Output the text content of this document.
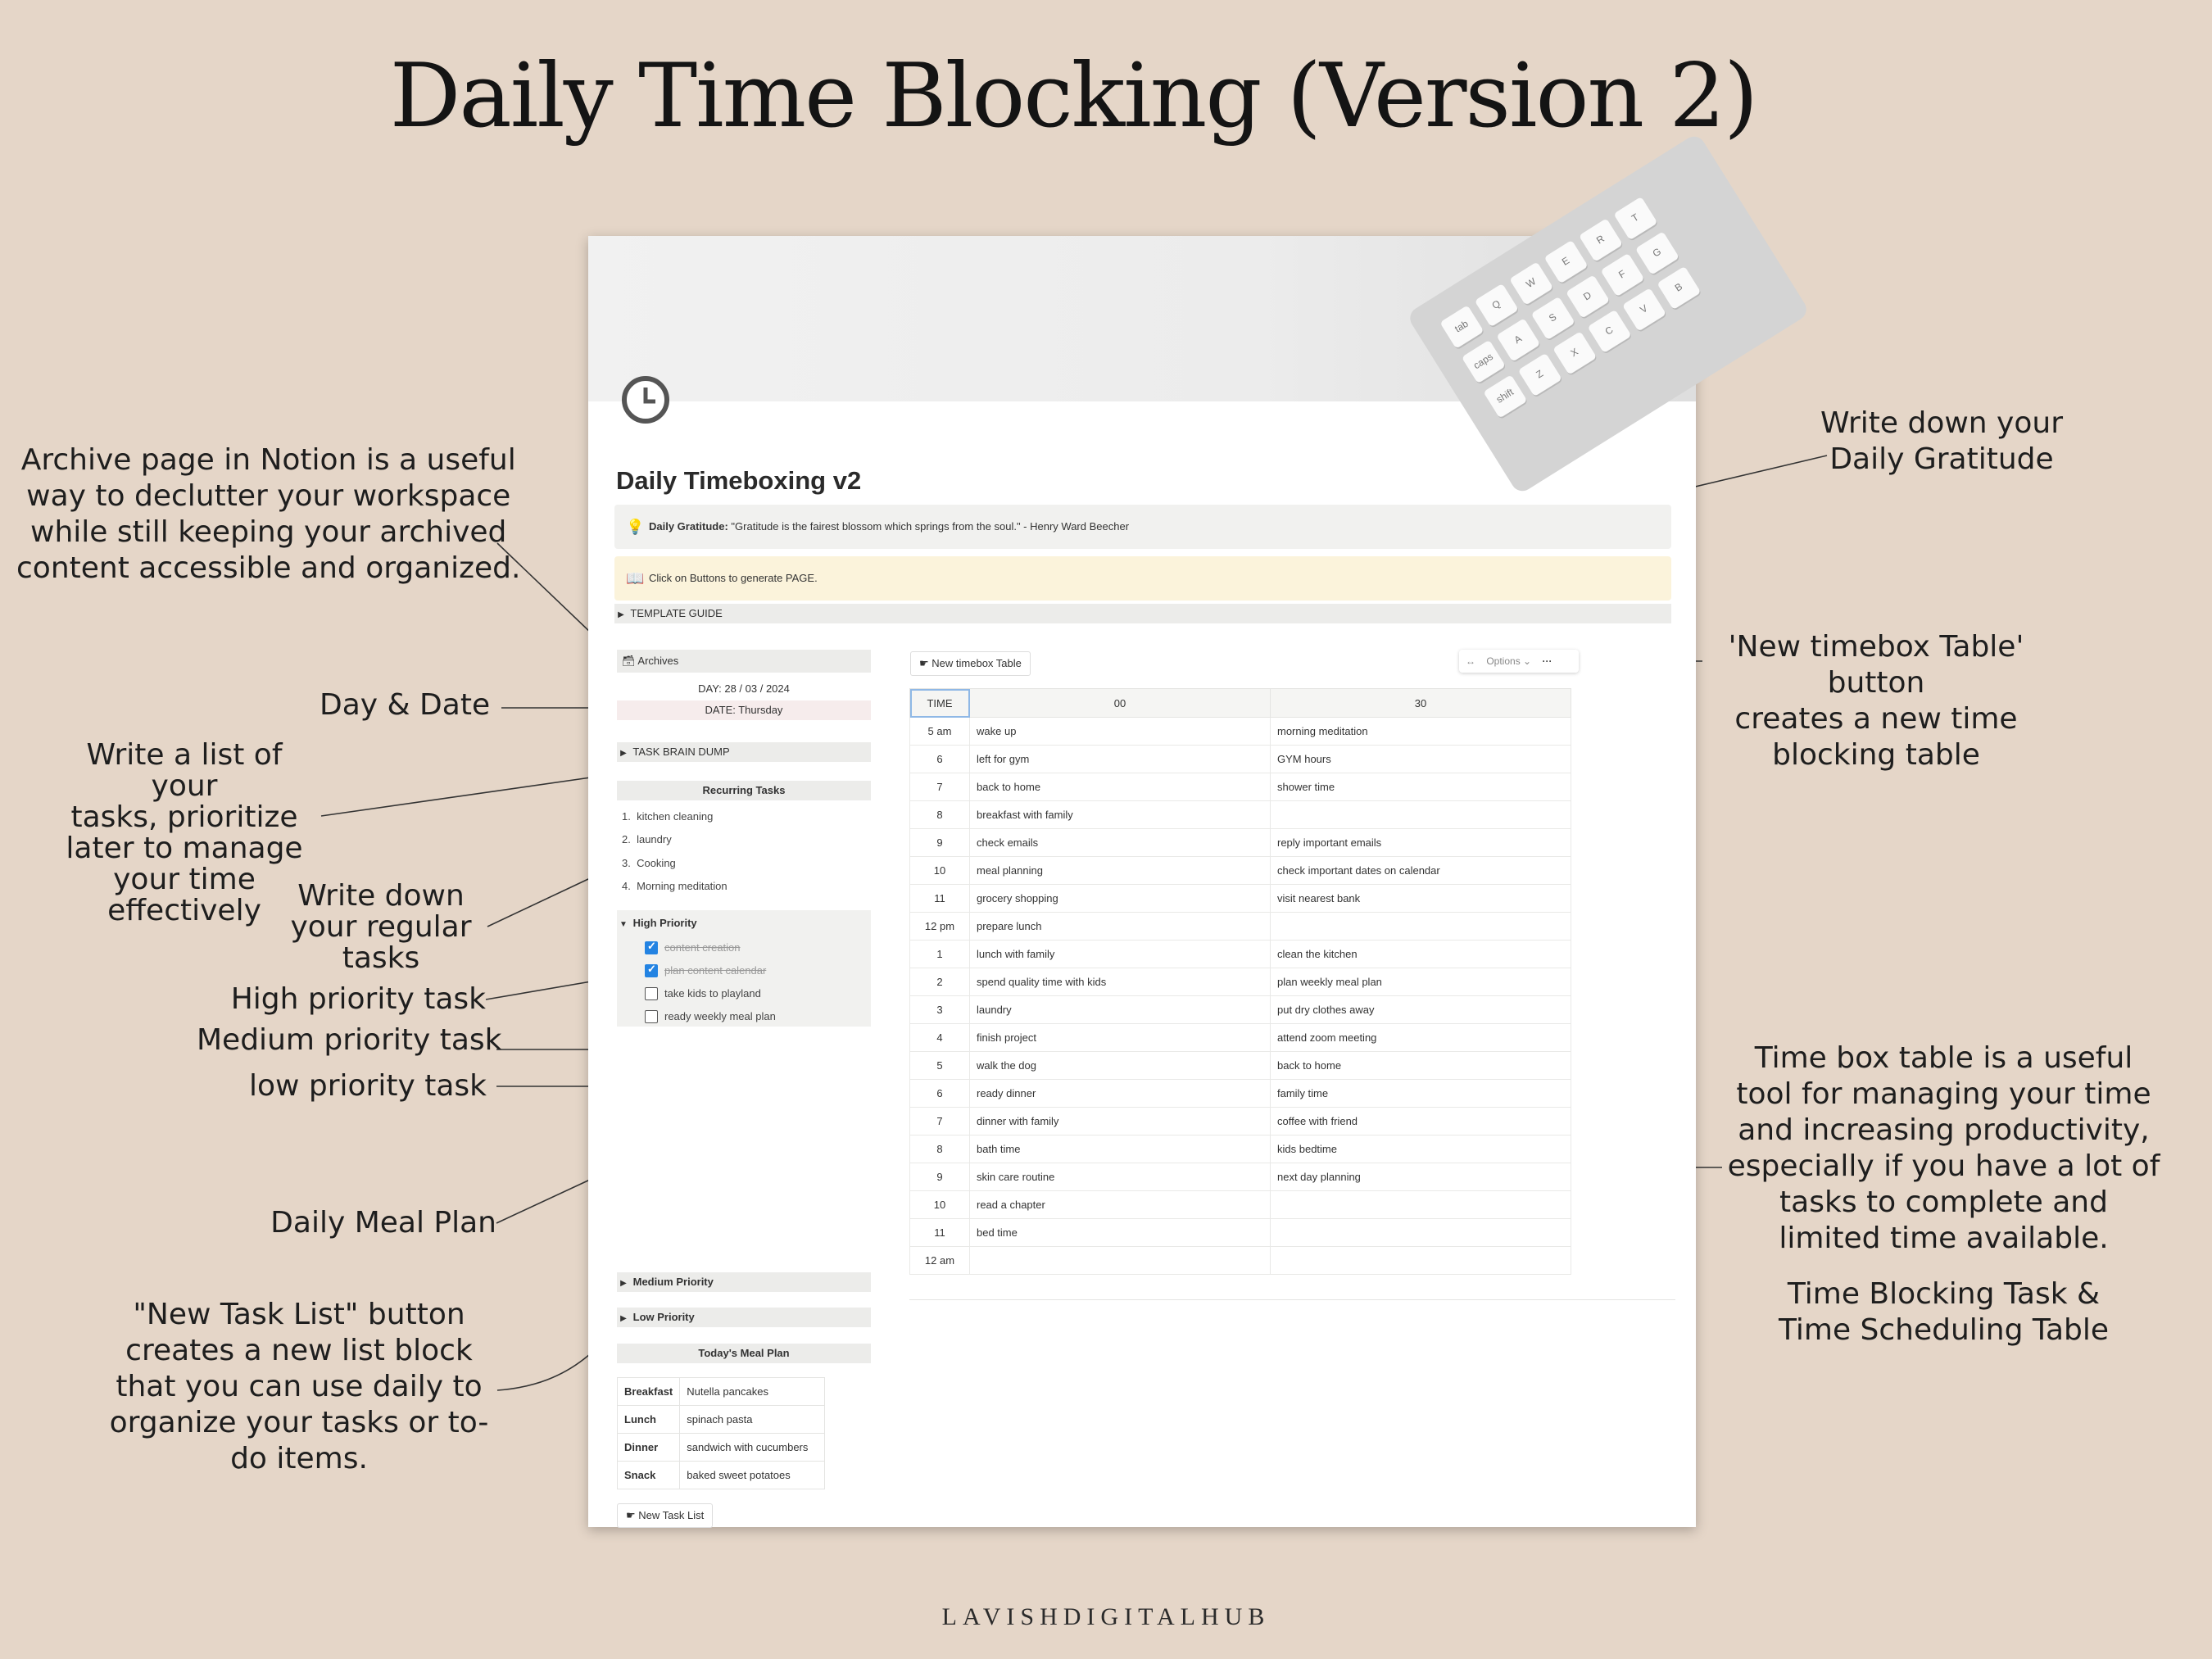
Daily Time Blocking (Version 2)
Archive page in Notion is a useful
way to declutter your workspace
while still keeping your archived
content accessible and organized.
Day & Date
Write a list of your
tasks, prioritize
later to manage
your time
effectively	Write down
your regular
tasks
High priority task
Medium priority task
low priority task
Daily Meal Plan
"New Task List" button
creates a new list block
that you can use daily to
organize your tasks or to-
do items.
Write down your
Daily Gratitude
'New timebox Table'
button
creates a new time
blocking table
Time box table is a useful
tool for managing your time
and increasing productivity,
especially if you have a lot of
tasks to complete and
limited time available.
Time Blocking Task &
Time Scheduling Table
tab
Q
W
E
R
T
caps
A
S
D
F
G
shift
Z
X
C
V
B
Daily Timeboxing v2
💡 Daily Gratitude: "Gratitude is the fairest blossom which springs from the soul." - Henry Ward Beecher
📖 Click on Buttons to generate PAGE.
▶ TEMPLATE GUIDE
🗃 Archives
DAY: 28 / 03 / 2024
DATE: Thursday
▶ TASK BRAIN DUMP
Recurring Tasks
1.  kitchen cleaning
2.  laundry
3.  Cooking
4.  Morning meditation
▼ High Priority
✓
content creation
✓
plan content calendar
take kids to playland
ready weekly meal plan
▶ Medium Priority
▶ Low Priority
Today's Meal Plan
Breakfast	Nutella pancakes
Lunch	spinach pasta
Dinner	sandwich with cucumbers
Snack	baked sweet potatoes
☛ New Task List
☛ New timebox Table	↔ Options ⌄ ···
TIME	00	30
5 am	wake up	morning meditation
6	left for gym	GYM hours
7	back to home	shower time
8	breakfast with family	
9	check emails	reply important emails
10	meal planning	check important dates on calendar
11	grocery shopping	visit nearest bank
12 pm	prepare lunch	
1	lunch with family	clean the kitchen
2	spend quality time with kids	plan weekly meal plan
3	laundry	put dry clothes away
4	finish project	attend zoom meeting
5	walk the dog	back to home
6	ready dinner	family time
7	dinner with family	coffee with friend
8	bath time	kids bedtime
9	skin care routine	next day planning
10	read a chapter	
11	bed time	
12 am		
LAVISHDIGITALHUB
